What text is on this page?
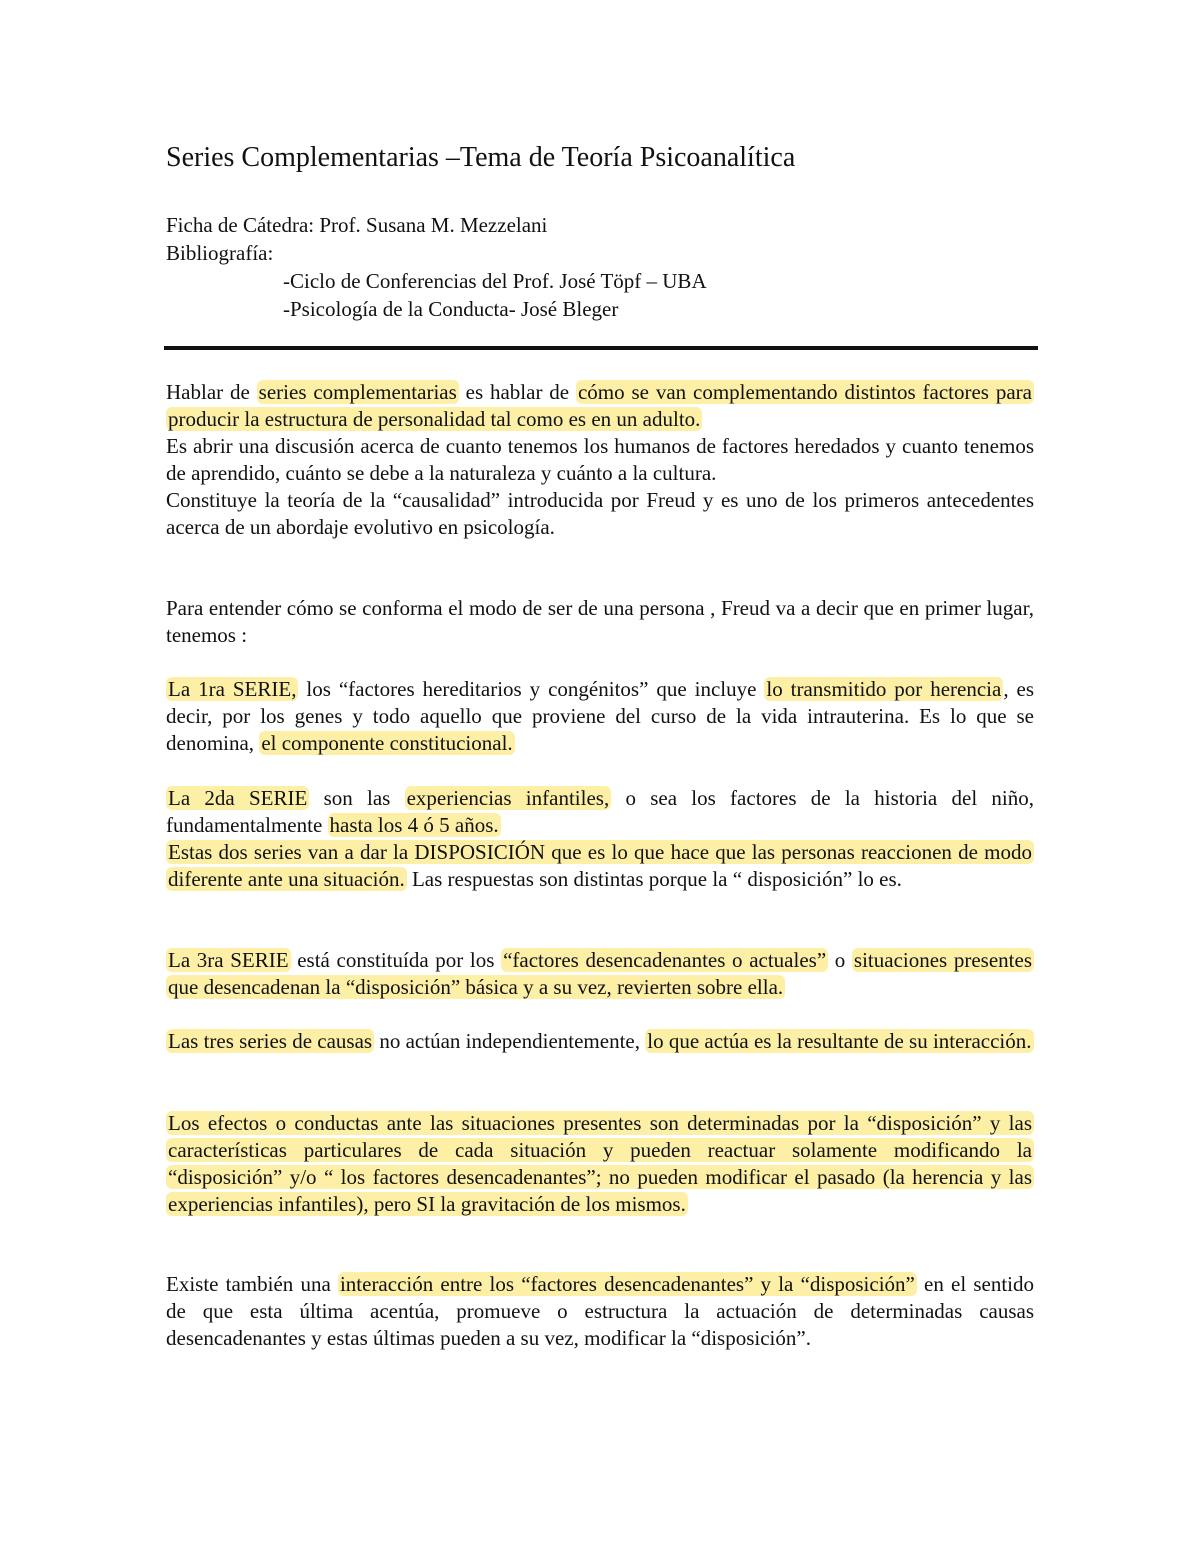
Series Complementarias –Tema de Teoría Psicoanalítica
Ficha de Cátedra: Prof. Susana M. Mezzelani
Bibliografía:
-Ciclo de Conferencias del Prof. José Töpf – UBA
-Psicología de la Conducta- José Bleger

Hablar de series complementarias es hablar de cómo se van complementando distintos factores para producir la estructura de personalidad tal como es en un adulto.

Es abrir una discusión acerca de cuanto tenemos los humanos de factores heredados y cuanto tenemos de aprendido, cuánto se debe a la naturaleza y cuánto a la cultura.

Constituye la teoría de la “causalidad” introducida por Freud y es uno de los primeros antecedentes acerca de un abordaje evolutivo en psicología.

Para entender cómo se conforma el modo de ser de una persona , Freud va a decir que en primer lugar, tenemos :

La 1ra SERIE, los “factores hereditarios y congénitos” que incluye lo transmitido por herencia, es decir, por los genes y todo aquello que proviene del curso de la vida intrauterina. Es lo que se denomina, el componente constitucional.

La 2da SERIE son las experiencias infantiles, o sea los factores de la historia del niño, fundamentalmente hasta los 4 ó 5 años.

Estas dos series van a dar la DISPOSICIÓN que es lo que hace que las personas reaccionen de modo diferente ante una situación. Las respuestas son distintas porque la “ disposición” lo es.

La 3ra SERIE está constituída por los “factores desencadenantes o actuales” o situaciones presentes que desencadenan la “disposición” básica y a su vez, revierten sobre ella.

Las tres series de causas no actúan independientemente, lo que actúa es la resultante de su interacción.

Los efectos o conductas ante las situaciones presentes son determinadas por la “disposición” y las características particulares de cada situación y pueden reactuar solamente modificando la “disposición” y/o “ los factores desencadenantes”; no pueden modificar el pasado (la herencia y las experiencias infantiles), pero SI la gravitación de los mismos.

Existe también una interacción entre los “factores desencadenantes” y la “disposición” en el sentido de que esta última acentúa, promueve o estructura la actuación de determinadas causas desencadenantes y estas últimas pueden a su vez, modificar la “disposición”.
